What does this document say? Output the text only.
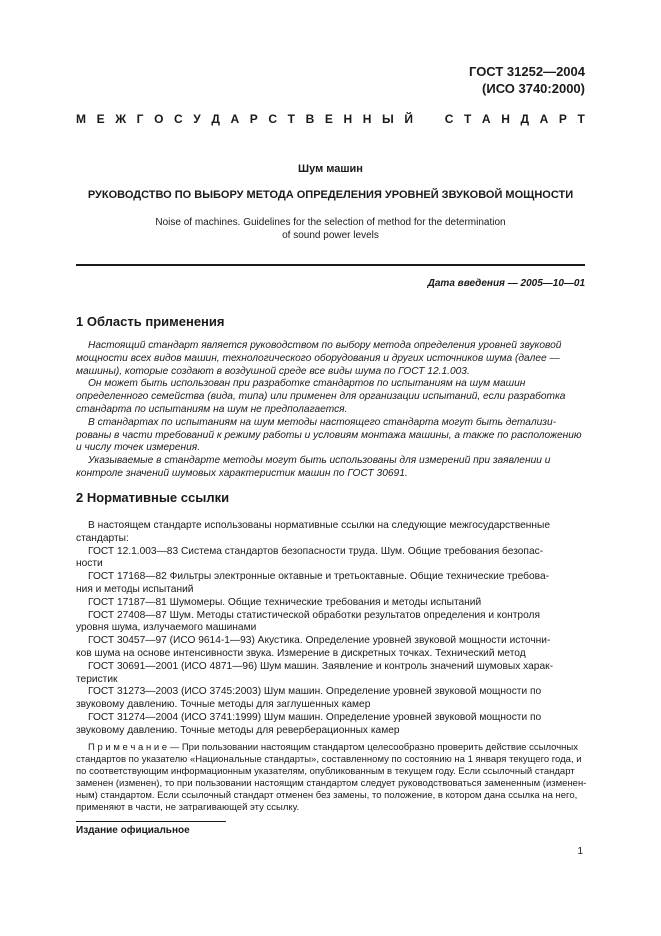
ГОСТ 31252—2004
(ИСО 3740:2000)
М Е Ж Г О С У Д А Р С Т В Е Н Н Ы Й	С Т А Н Д А Р Т
Шум машин
РУКОВОДСТВО ПО ВЫБОРУ МЕТОДА ОПРЕДЕЛЕНИЯ УРОВНЕЙ ЗВУКОВОЙ МОЩНОСТИ
Noise of machines. Guidelines for the selection of method for the determination
of sound power levels
Дата введения — 2005—10—01
1 Область применения
Настоящий стандарт является руководством по выбору метода определения уровней звуковой
мощности всех видов машин, технологического оборудования и других источников шума (далее —
машины), которые создают в воздушной среде все виды шума по ГОСТ 12.1.003.
Он может быть использован при разработке стандартов по испытаниям на шум машин
определенного семейства (вида, типа) или применен для организации испытаний, если разработка
стандарта по испытаниям на шум не предполагается.
В стандартах по испытаниям на шум методы настоящего стандарта могут быть детализи-
рованы в части требований к режиму работы и условиям монтажа машины, а также по расположению
и числу точек измерения.
Указываемые в стандарте методы могут быть использованы для измерений при заявлении и
контроле значений шумовых характеристик машин по ГОСТ 30691.
2 Нормативные ссылки
В настоящем стандарте использованы нормативные ссылки на следующие межгосударственные
стандарты:
ГОСТ 12.1.003—83 Система стандартов безопасности труда. Шум. Общие требования безопас-
ности
ГОСТ 17168—82 Фильтры электронные октавные и третьоктавные. Общие технические требова-
ния и методы испытаний
ГОСТ 17187—81 Шумомеры. Общие технические требования и методы испытаний
ГОСТ 27408—87 Шум. Методы статистической обработки результатов определения и контроля
уровня шума, излучаемого машинами
ГОСТ 30457—97 (ИСО 9614-1—93) Акустика. Определение уровней звуковой мощности источни-
ков шума на основе интенсивности звука. Измерение в дискретных точках. Технический метод
ГОСТ 30691—2001 (ИСО 4871—96) Шум машин. Заявление и контроль значений шумовых харак-
теристик
ГОСТ 31273—2003 (ИСО 3745:2003) Шум машин. Определение уровней звуковой мощности по
звуковому давлению. Точные методы для заглушенных камер
ГОСТ 31274—2004 (ИСО 3741:1999) Шум машин. Определение уровней звуковой мощности по
звуковому давлению. Точные методы для реверберационных камер
П р и м е ч а н и е — При пользовании настоящим стандартом целесообразно проверить действие ссылочных
стандартов по указателю «Национальные стандарты», составленному по состоянию на 1 января текущего года, и
по соответствующим информационным указателям, опубликованным в текущем году. Если ссылочный стандарт
заменен (изменен), то при пользовании настоящим стандартом следует руководствоваться замененным (изменен-
ным) стандартом. Если ссылочный стандарт отменен без замены, то положение, в котором дана ссылка на него,
применяют в части, не затрагивающей эту ссылку.
Издание официальное
1
